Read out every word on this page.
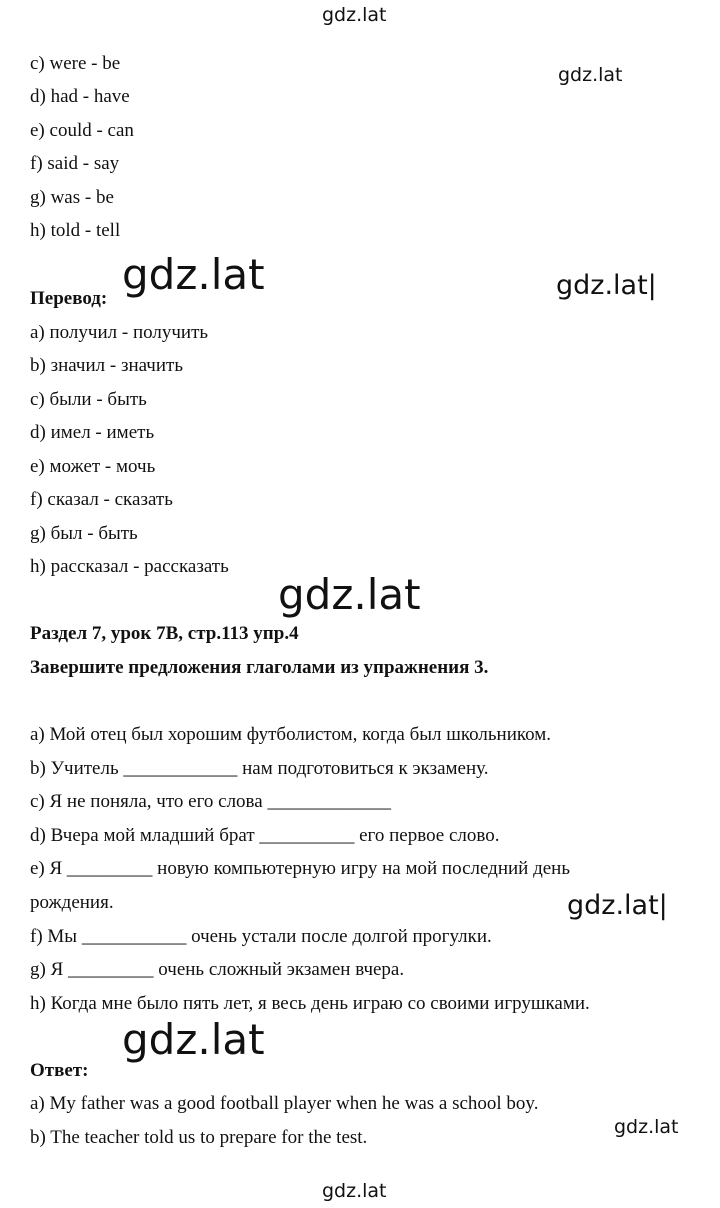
gdz.lat
gdz.lat
gdz.lat	gdz.lat|
gdz.lat
gdz.lat|
gdz.lat
gdz.lat
gdz.lat
c) were - be
d) had - have
e) could - can
f) said - say
g) was - be
h) told - tell
Перевод:
a) получил - получить
b) значил - значить
c) были - быть
d) имел - иметь
e) может - мочь
f) сказал - сказать
g) был - быть
h) рассказал - рассказать
Раздел 7, урок 7В, стр.113 упр.4
Завершите предложения глаголами из упражнения 3.
a) Мой отец был хорошим футболистом, когда был школьником.
b) Учитель ____________ нам подготовиться к экзамену.
c) Я не поняла, что его слова _____________
d) Вчера мой младший брат __________ его первое слово.
e) Я _________ новую компьютерную игру на мой последний день
рождения.
f) Мы ___________ очень устали после долгой прогулки.
g) Я _________ очень сложный экзамен вчера.
h) Когда мне было пять лет, я весь день играю со своими игрушками.
Ответ:
a) My father was a good football player when he was a school boy.
b) The teacher told us to prepare for the test.
